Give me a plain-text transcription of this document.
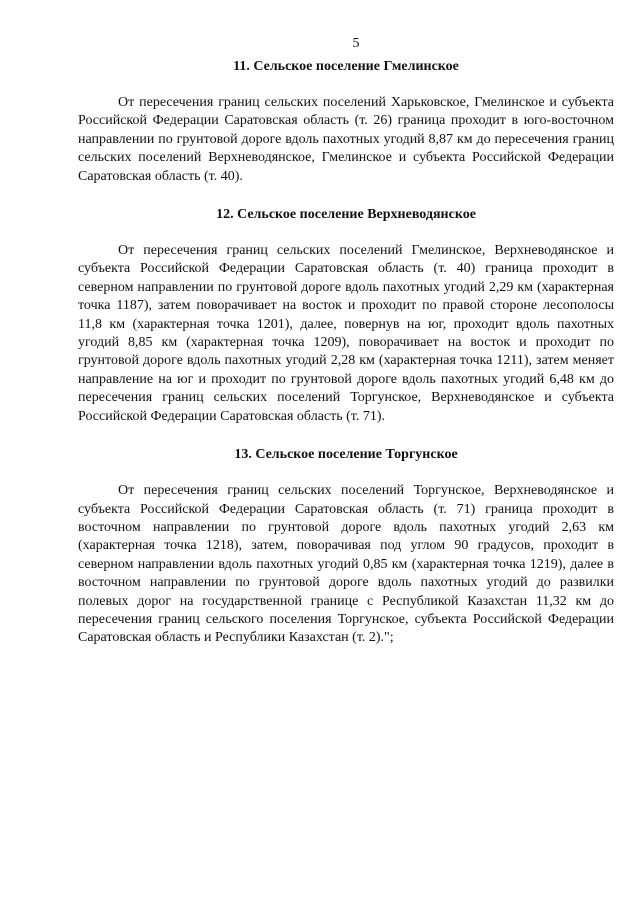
5
11. Сельское поселение Гмелинское

От пересечения границ сельских поселений Харьковское, Гмелинское и субъекта Российской Федерации Саратовская область (т. 26) граница проходит в юго-восточном направлении по грунтовой дороге вдоль пахотных угодий 8,87 км до пересечения границ сельских поселений Верхневодянское, Гмелинское и субъекта Российской Федерации Саратовская область (т. 40).

12. Сельское поселение Верхневодянское

От пересечения границ сельских поселений Гмелинское, Верхневодянское и субъекта Российской Федерации Саратовская область (т. 40) граница проходит в северном направлении по грунтовой дороге вдоль пахотных угодий 2,29 км (характерная точка 1187), затем поворачивает на восток и проходит по правой стороне лесополосы 11,8 км (характерная точка 1201), далее, повернув на юг, проходит вдоль пахотных угодий 8,85 км (характерная точка 1209), поворачивает на восток и проходит по грунтовой дороге вдоль пахотных угодий 2,28 км (характерная точка 1211), затем меняет направление на юг и проходит по грунтовой дороге вдоль пахотных угодий 6,48 км до пересечения границ сельских поселений Торгунское, Верхневодянское и субъекта Российской Федерации Саратовская область (т. 71).

13. Сельское поселение Торгунское

От пересечения границ сельских поселений Торгунское, Верхневодянское и субъекта Российской Федерации Саратовская область (т. 71) граница проходит в восточном направлении по грунтовой дороге вдоль пахотных угодий 2,63 км (характерная точка 1218), затем, поворачивая под углом 90 градусов, проходит в северном направлении вдоль пахотных угодий 0,85 км (характерная точка 1219), далее в восточном направлении по грунтовой дороге вдоль пахотных угодий до развилки полевых дорог на государственной границе с Республикой Казахстан 11,32 км до пересечения границ сельского поселения Торгунское, субъекта Российской Федерации Саратовская область и Республики Казахстан (т. 2).";
